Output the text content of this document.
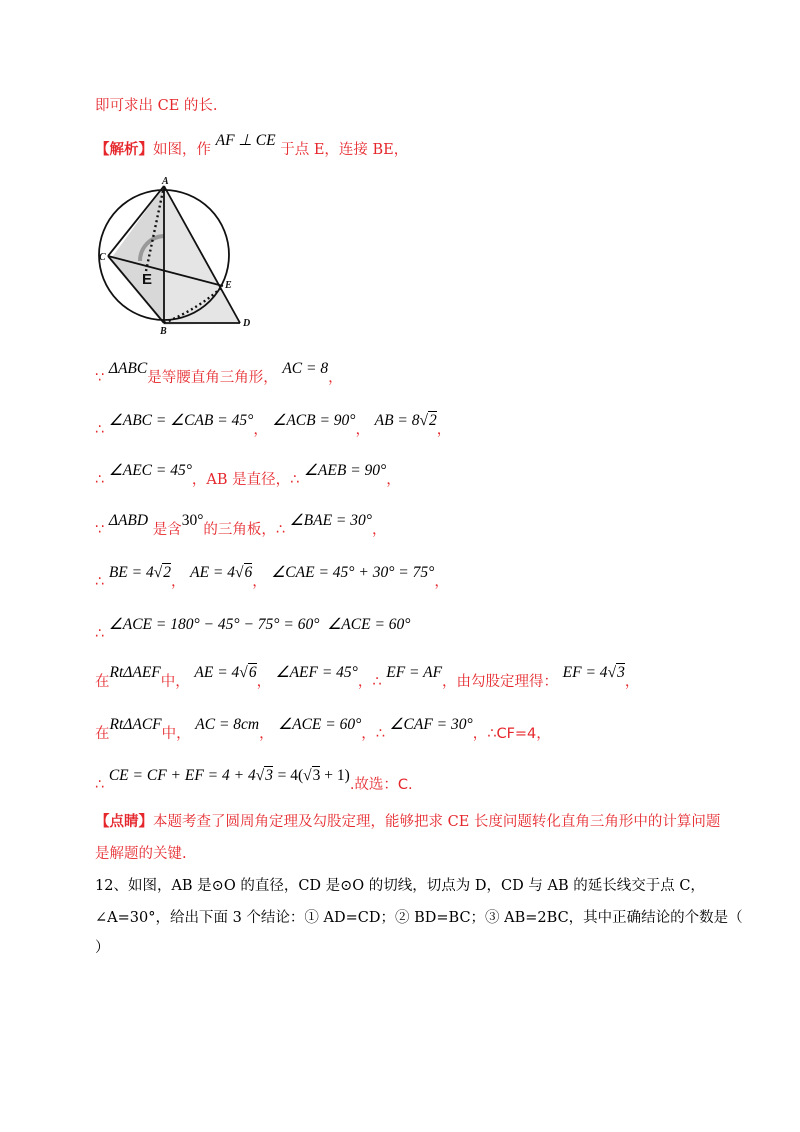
即可求出 CE 的长.
【解析】如图，作 AF ⊥ CE 于点 E，连接 BE，
A
C
B
D
E
E
∵ ΔABC是等腰直角三角形， AC = 8，
∴ ∠ABC = ∠CAB = 45°， ∠ACB = 90°， AB = 8√2，
∴ ∠AEC = 45°，AB 是直径，∴ ∠AEB = 90°，
∵ ΔABD 是含30°的三角板，∴ ∠BAE = 30°，
∴ BE = 4√2， AE = 4√6， ∠CAE = 45° + 30° = 75°，
∴ ∠ACE = 180° − 45° − 75° = 60° ∠ACE = 60°
在RtΔAEF中， AE = 4√6， ∠AEF = 45°，∴ EF = AF，由勾股定理得： EF = 4√3，
在RtΔACF中， AC = 8cm， ∠ACE = 60°，∴ ∠CAF = 30°，∴CF=4，
∴ CE = CF + EF = 4 + 4√3 = 4(√3 + 1).故选：C.
【点睛】本题考查了圆周角定理及勾股定理，能够把求 CE 长度问题转化直角三角形中的计算问题
是解题的关键.
12、如图，AB 是⊙O 的直径，CD 是⊙O 的切线，切点为 D，CD 与 AB 的延长线交于点 C，
∠A=30°，给出下面 3 个结论：① AD=CD；② BD=BC；③ AB=2BC，其中正确结论的个数是（
）
